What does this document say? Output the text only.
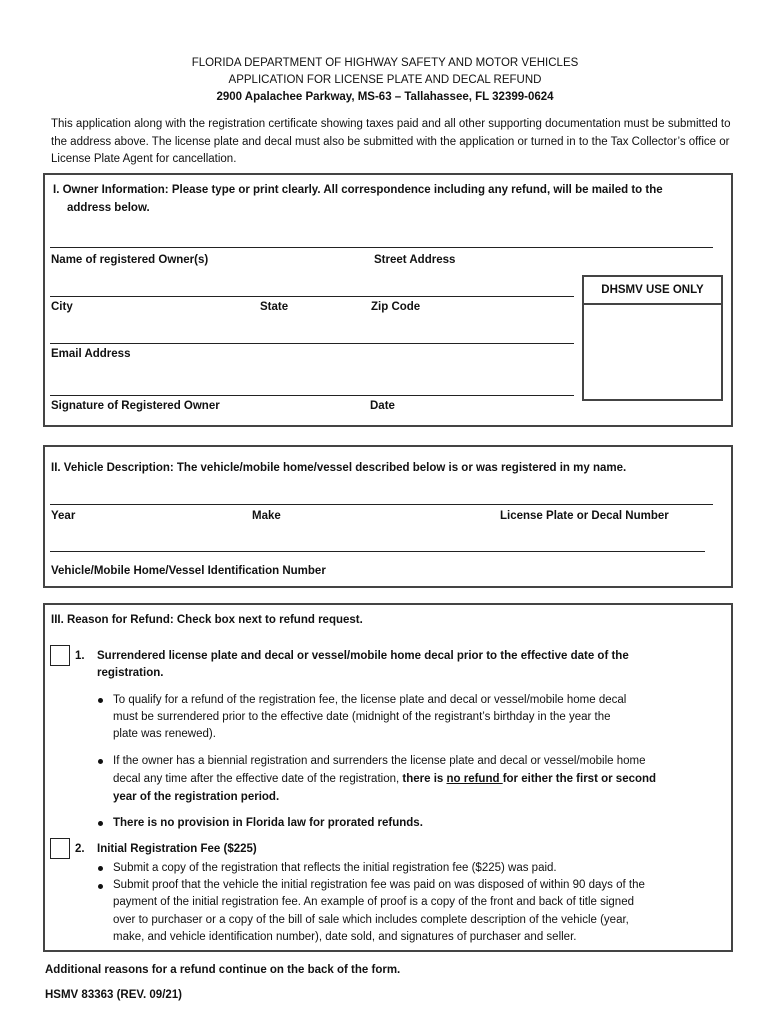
FLORIDA DEPARTMENT OF HIGHWAY SAFETY AND MOTOR VEHICLES
APPLICATION FOR LICENSE PLATE AND DECAL REFUND
2900 Apalachee Parkway, MS-63 – Tallahassee, FL 32399-0624
This application along with the registration certificate showing taxes paid and all other supporting documentation must be submitted to the address above. The license plate and decal must also be submitted with the application or turned in to the Tax Collector’s office or License Plate Agent for cancellation.
I. Owner Information: Please type or print clearly. All correspondence including any refund, will be mailed to the
address below.
Name of registered Owner(s)	Street Address
City	State	Zip Code
Email Address
Signature of Registered Owner	Date
DHSMV USE ONLY
II. Vehicle Description: The vehicle/mobile home/vessel described below is or was registered in my name.
Year	Make	License Plate or Decal Number
Vehicle/Mobile Home/Vessel Identification Number
III. Reason for Refund: Check box next to refund request.
1. Surrendered license plate and decal or vessel/mobile home decal prior to the effective date of the
registration.
To qualify for a refund of the registration fee, the license plate and decal or vessel/mobile home decal
must be surrendered prior to the effective date (midnight of the registrant’s birthday in the year the
plate was renewed).
If the owner has a biennial registration and surrenders the license plate and decal or vessel/mobile home
decal any time after the effective date of the registration, there is no refund for either the first or second
year of the registration period.
There is no provision in Florida law for prorated refunds.
2. Initial Registration Fee ($225)
Submit a copy of the registration that reflects the initial registration fee ($225) was paid.
Submit proof that the vehicle the initial registration fee was paid on was disposed of within 90 days of the
payment of the initial registration fee. An example of proof is a copy of the front and back of title signed
over to purchaser or a copy of the bill of sale which includes complete description of the vehicle (year,
make, and vehicle identification number), date sold, and signatures of purchaser and seller.
Additional reasons for a refund continue on the back of the form.
HSMV 83363 (REV. 09/21)
